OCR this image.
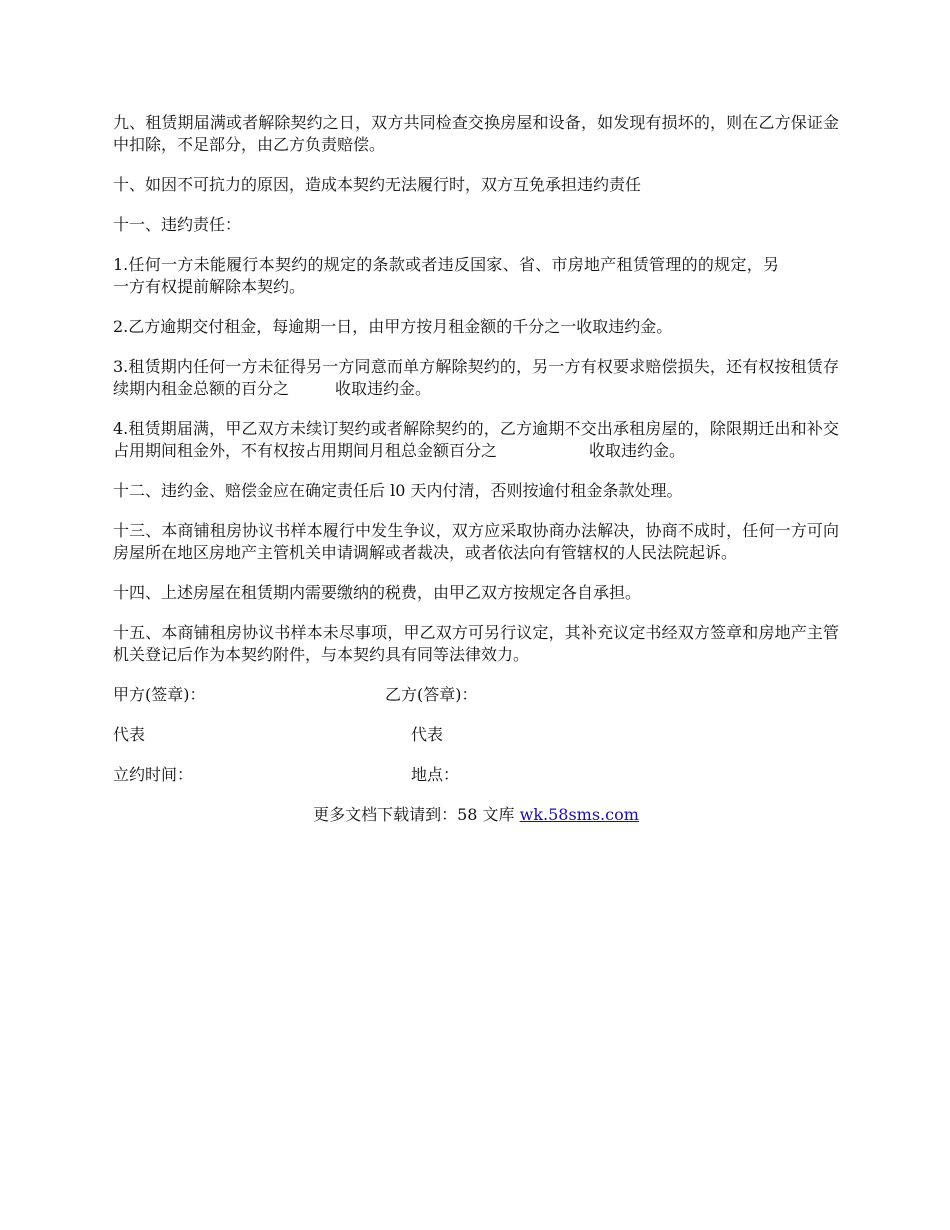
九、租赁期届满或者解除契约之日，双方共同检查交换房屋和设备，如发现有损坏的，则在乙方保证金中扣除，不足部分，由乙方负责赔偿。

十、如因不可抗力的原因，造成本契约无法履行时，双方互免承担违约责任

十一、违约责任：

1.任何一方未能履行本契约的规定的条款或者违反国家、省、市房地产租赁管理的的规定，另一方有权提前解除本契约。

2.乙方逾期交付租金，每逾期一日，由甲方按月租金额的千分之一收取违约金。

3.租赁期内任何一方未征得另一方同意而单方解除契约的，另一方有权要求赔偿损失，还有权按租赁存续期内租金总额的百分之	收取违约金。

4.租赁期届满，甲乙双方未续订契约或者解除契约的，乙方逾期不交出承租房屋的，除限期迁出和补交占用期间租金外，不有权按占用期间月租总金额百分之	收取违约金。

十二、违约金、赔偿金应在确定责任后 l0 天内付清，否则按逾付租金条款处理。

十三、本商铺租房协议书样本履行中发生争议，双方应采取协商办法解决，协商不成时，任何一方可向房屋所在地区房地产主管机关申请调解或者裁决，或者依法向有管辖权的人民法院起诉。

十四、上述房屋在租赁期内需要缴纳的税费，由甲乙双方按规定各自承担。

十五、本商铺租房协议书样本未尽事项，甲乙双方可另行议定，其补充议定书经双方签章和房地产主管机关登记后作为本契约附件，与本契约具有同等法律效力。

甲方(签章)：	乙方(答章)：
代表	代表
立约时间：	地点：
更多文档下载请到：58 文库 wk.58sms.com
